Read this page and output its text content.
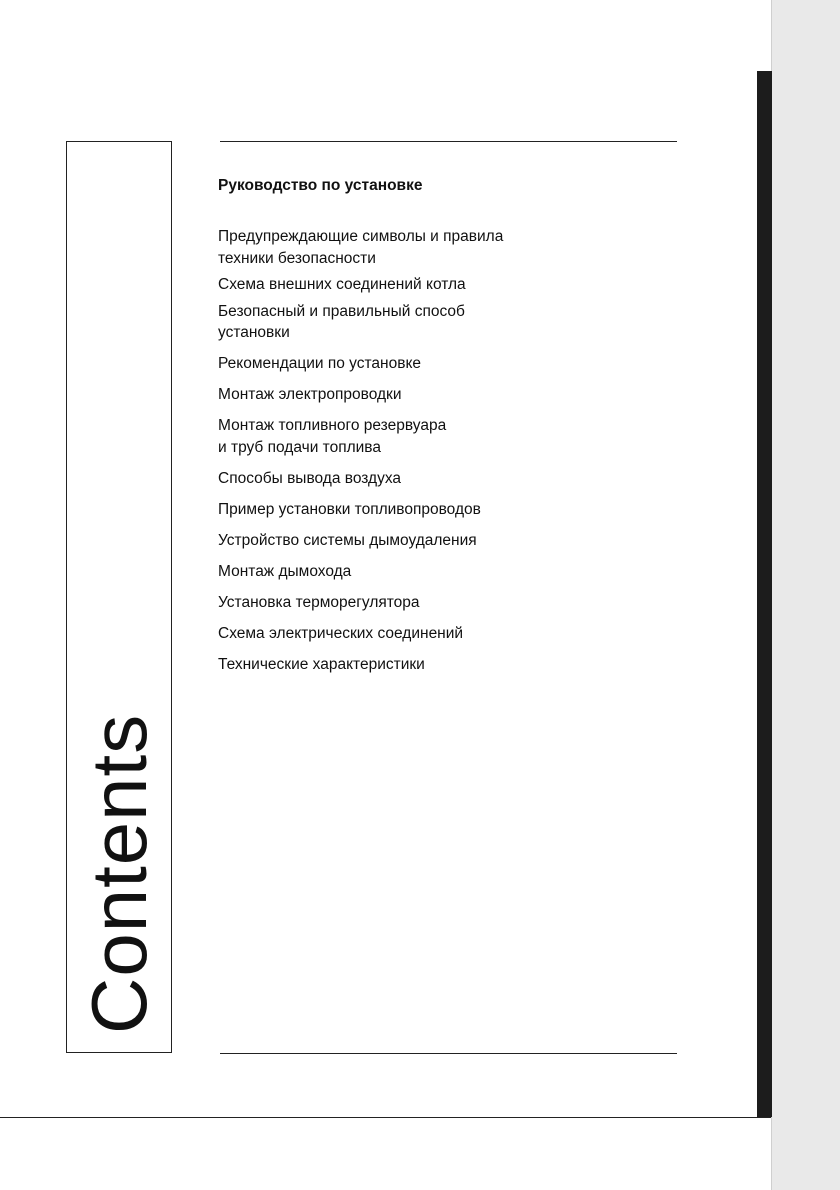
Contents
Руководство по установке
Предупреждающие символы и правила
техники безопасности
Схема внешних соединений котла
Безопасный и правильный способ
установки
Рекомендации по установке
Монтаж электропроводки
Монтаж топливного резервуара
и труб подачи топлива
Способы вывода воздуха
Пример установки топливопроводов
Устройство системы дымоудаления
Монтаж дымохода
Установка терморегулятора
Схема электрических соединений
Технические характеристики
